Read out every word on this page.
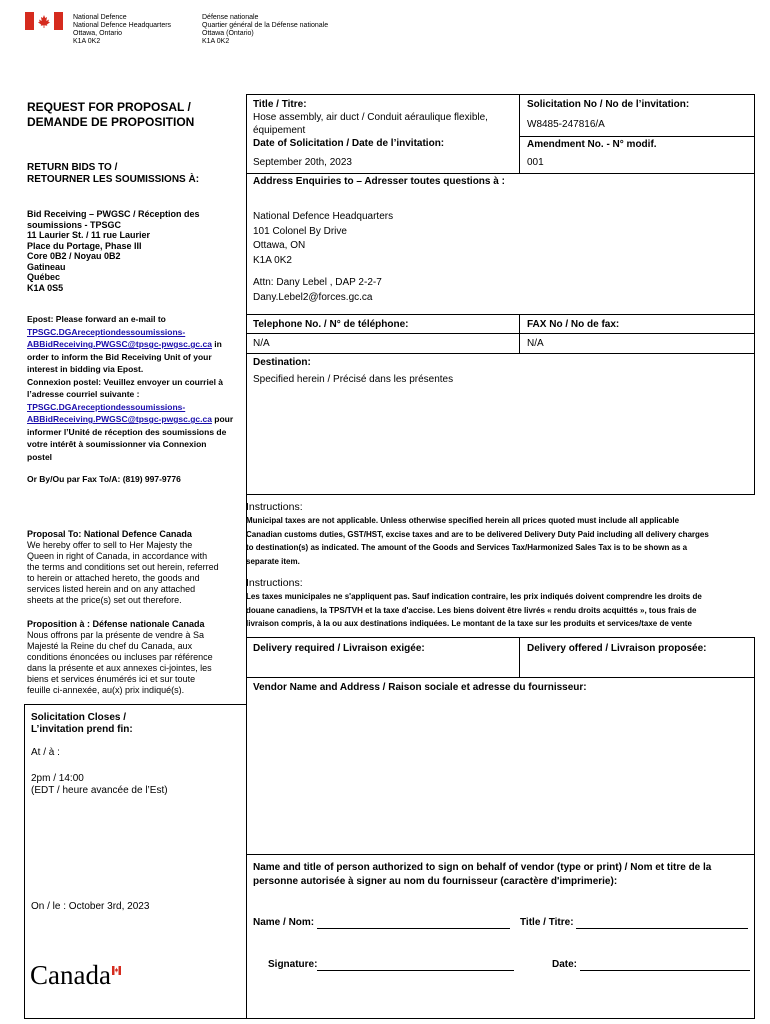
National Defence
National Defence Headquarters
Ottawa, Ontario
K1A 0K2
Défense nationale
Quartier général de la Défense nationale
Ottawa (Ontario)
K1A 0K2
REQUEST FOR PROPOSAL /
DEMANDE DE PROPOSITION
RETURN BIDS TO /
RETOURNER LES SOUMISSIONS À:
Bid Receiving – PWGSC / Réception des
soumissions - TPSGC
11 Laurier St. / 11 rue Laurier
Place du Portage, Phase III
Core 0B2 / Noyau 0B2
Gatineau
Québec
K1A 0S5
Epost: Please forward an e-mail to
TPSGC.DGAreceptiondessoumissions-
ABBidReceiving.PWGSC@tpsgc-pwgsc.gc.ca in
order to inform the Bid Receiving Unit of your
interest in bidding via Epost.
Connexion postel: Veuillez envoyer un courriel à
l’adresse courriel suivante :
TPSGC.DGAreceptiondessoumissions-
ABBidReceiving.PWGSC@tpsgc-pwgsc.gc.ca pour
informer l’Unité de réception des soumissions de
votre intérêt à soumissionner via Connexion
postel
Or By/Ou par Fax To/A: (819) 997-9776
Proposal To: National Defence Canada
We hereby offer to sell to Her Majesty the
Queen in right of Canada, in accordance with
the terms and conditions set out herein, referred
to herein or attached hereto, the goods and
services listed herein and on any attached
sheets at the price(s) set out therefore.
Proposition à : Défense nationale Canada
Nous offrons par la présente de vendre à Sa
Majesté la Reine du chef du Canada, aux
conditions énoncées ou incluses par référence
dans la présente et aux annexes ci-jointes, les
biens et services énumérés ici et sur toute
feuille ci-annexée, au(x) prix indiqué(s).
Solicitation Closes /
L’invitation prend fin:
At / à :
2pm / 14:00
(EDT / heure avancée de l’Est)
On / le : October 3rd, 2023
Canada
Title / Titre:
Hose assembly, air duct / Conduit aéraulique flexible,
équipement
Date of Solicitation / Date de l’invitation:
September 20th, 2023
Solicitation No / No de l’invitation:
W8485-247816/A
Amendment No. - N° modif.
001
Address Enquiries to – Adresser toutes questions à :
National Defence Headquarters
101 Colonel By Drive
Ottawa, ON
K1A 0K2
Attn: Dany Lebel , DAP 2-2-7
Dany.Lebel2@forces.gc.ca
Telephone No. / N° de téléphone:
N/A
FAX No / No de fax:
N/A
Destination:
Specified herein / Précisé dans les présentes
Instructions:
Municipal taxes are not applicable. Unless otherwise specified herein all prices quoted must include all applicable
Canadian customs duties, GST/HST, excise taxes and are to be delivered Delivery Duty Paid including all delivery charges
to destination(s) as indicated. The amount of the Goods and Services Tax/Harmonized Sales Tax is to be shown as a
separate item.
Instructions:
Les taxes municipales ne s'appliquent pas. Sauf indication contraire, les prix indiqués doivent comprendre les droits de
douane canadiens, la TPS/TVH et la taxe d'accise. Les biens doivent être livrés « rendu droits acquittés », tous frais de
livraison compris, à la ou aux destinations indiquées. Le montant de la taxe sur les produits et services/taxe de vente
Delivery required / Livraison exigée:	Delivery offered / Livraison proposée:
Vendor Name and Address / Raison sociale et adresse du fournisseur:
Name and title of person authorized to sign on behalf of vendor (type or print) / Nom et titre de la
personne autorisée à signer au nom du fournisseur (caractère d'imprimerie):
Name / Nom:	Title / Titre:
Signature:	Date:
